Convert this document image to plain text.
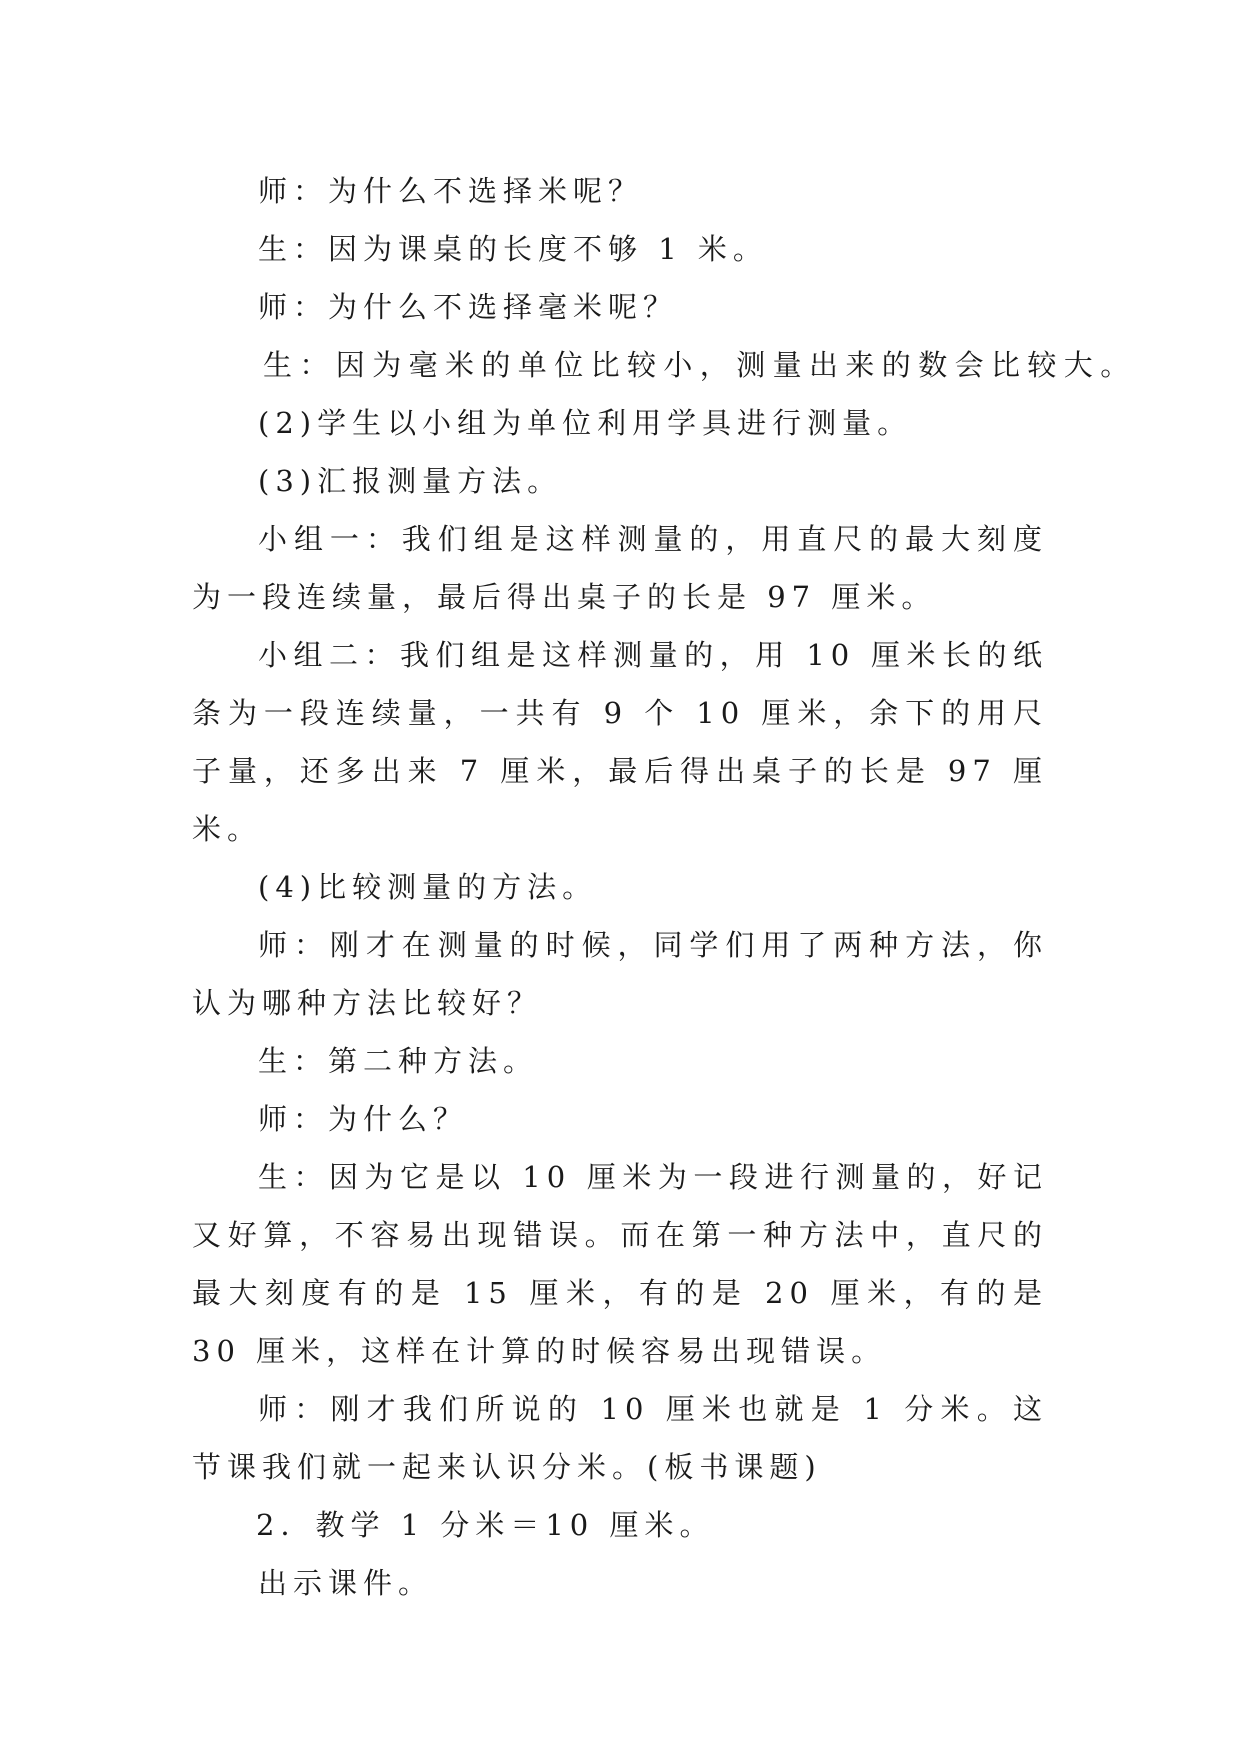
师：为什么不选择米呢？

生：因为课桌的长度不够 1 米。

师：为什么不选择毫米呢？

生：因为毫米的单位比较小，测量出来的数会比较大。

(2)学生以小组为单位利用学具进行测量。

(3)汇报测量方法。

小组一：我们组是这样测量的，用直尺的最大刻度为一段连续量，最后得出桌子的长是 97 厘米。

小组二：我们组是这样测量的，用 10 厘米长的纸条为一段连续量，一共有 9 个 10 厘米，余下的用尺子量，还多出来 7 厘米，最后得出桌子的长是 97 厘米。

(4)比较测量的方法。

师：刚才在测量的时候，同学们用了两种方法，你认为哪种方法比较好？

生：第二种方法。

师：为什么？

生：因为它是以 10 厘米为一段进行测量的，好记又好算，不容易出现错误。而在第一种方法中，直尺的最大刻度有的是 15 厘米，有的是 20 厘米，有的是 30 厘米，这样在计算的时候容易出现错误。

师：刚才我们所说的 10 厘米也就是 1 分米。这节课我们就一起来认识分米。(板书课题)

2．教学 1 分米＝10 厘米。

出示课件。
